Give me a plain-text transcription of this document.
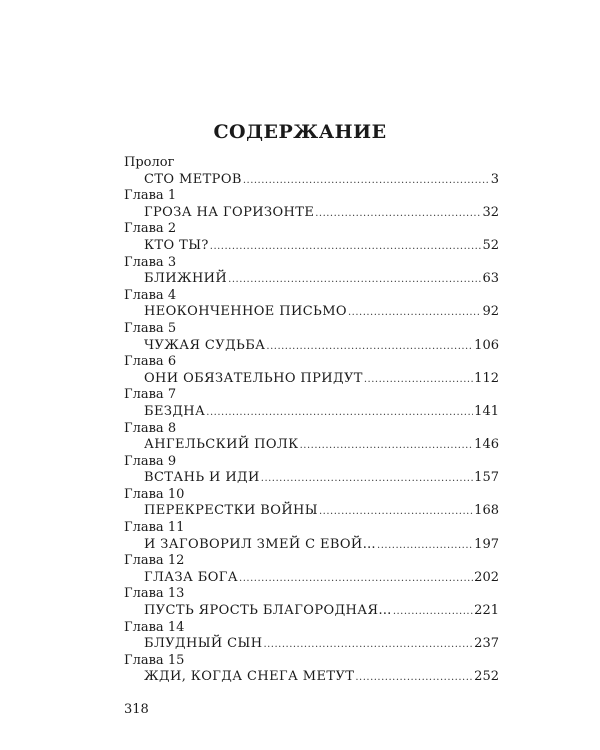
СОДЕРЖАНИЕ
Пролог
СТО МЕТРОВ .....	3
Глава 1
ГРОЗА НА ГОРИЗОНТЕ .....	32
Глава 2
КТО ТЫ? .....	52
Глава 3
БЛИЖНИЙ .....	63
Глава 4
НЕОКОНЧЕННОЕ ПИСЬМО .....	92
Глава 5
ЧУЖАЯ СУДЬБА .....	106
Глава 6
ОНИ ОБЯЗАТЕЛЬНО ПРИДУТ .....	112
Глава 7
БЕЗДНА .....	141
Глава 8
АНГЕЛЬСКИЙ ПОЛК .....	146
Глава 9
ВСТАНЬ И ИДИ .....	157
Глава 10
ПЕРЕКРЕСТКИ ВОЙНЫ .....	168
Глава 11
И ЗАГОВОРИЛ ЗМЕЙ С ЕВОЙ… .....	197
Глава 12
ГЛАЗА БОГА .....	202
Глава 13
ПУСТЬ ЯРОСТЬ БЛАГОРОДНАЯ… .....	221
Глава 14
БЛУДНЫЙ СЫН .....	237
Глава 15
ЖДИ, КОГДА СНЕГА МЕТУТ .....	252
318
